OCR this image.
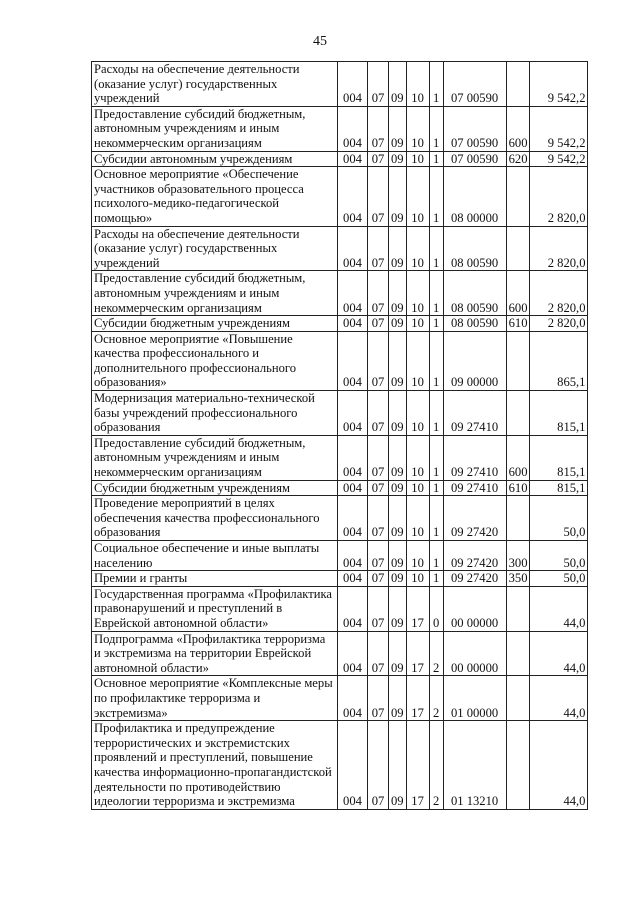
45
Расходы на обеспечение деятельности (оказание услуг) государственных учреждений	004	07	09	10	1	07 00590		9 542,2
Предоставление субсидий бюджетным, автономным учреждениям и иным некоммерческим организациям	004	07	09	10	1	07 00590	600	9 542,2
Субсидии автономным учреждениям	004	07	09	10	1	07 00590	620	9 542,2
Основное мероприятие «Обеспечение участников образовательного процесса психолого-медико-педагогической помощью»	004	07	09	10	1	08 00000		2 820,0
Расходы на обеспечение деятельности (оказание услуг) государственных учреждений	004	07	09	10	1	08 00590		2 820,0
Предоставление субсидий бюджетным, автономным учреждениям и иным некоммерческим организациям	004	07	09	10	1	08 00590	600	2 820,0
Субсидии бюджетным учреждениям	004	07	09	10	1	08 00590	610	2 820,0
Основное мероприятие «Повышение качества профессионального и дополнительного профессионального образования»	004	07	09	10	1	09 00000		865,1
Модернизация материально-технической базы учреждений профессионального образования	004	07	09	10	1	09 27410		815,1
Предоставление субсидий бюджетным, автономным учреждениям и иным некоммерческим организациям	004	07	09	10	1	09 27410	600	815,1
Субсидии бюджетным учреждениям	004	07	09	10	1	09 27410	610	815,1
Проведение мероприятий в целях обеспечения качества профессионального образования	004	07	09	10	1	09 27420		50,0
Социальное обеспечение и иные выплаты населению	004	07	09	10	1	09 27420	300	50,0
Премии и гранты	004	07	09	10	1	09 27420	350	50,0
Государственная программа «Профилактика правонарушений и преступлений в Еврейской автономной области»	004	07	09	17	0	00 00000		44,0
Подпрограмма «Профилактика терроризма и экстремизма на территории Еврейской автономной области»	004	07	09	17	2	00 00000		44,0
Основное мероприятие «Комплексные меры по профилактике терроризма и экстремизма»	004	07	09	17	2	01 00000		44,0
Профилактика и предупреждение террористических и экстремистских проявлений и преступлений, повышение качества информационно-пропагандистской деятельности по противодействию идеологии терроризма и экстремизма	004	07	09	17	2	01 13210		44,0
